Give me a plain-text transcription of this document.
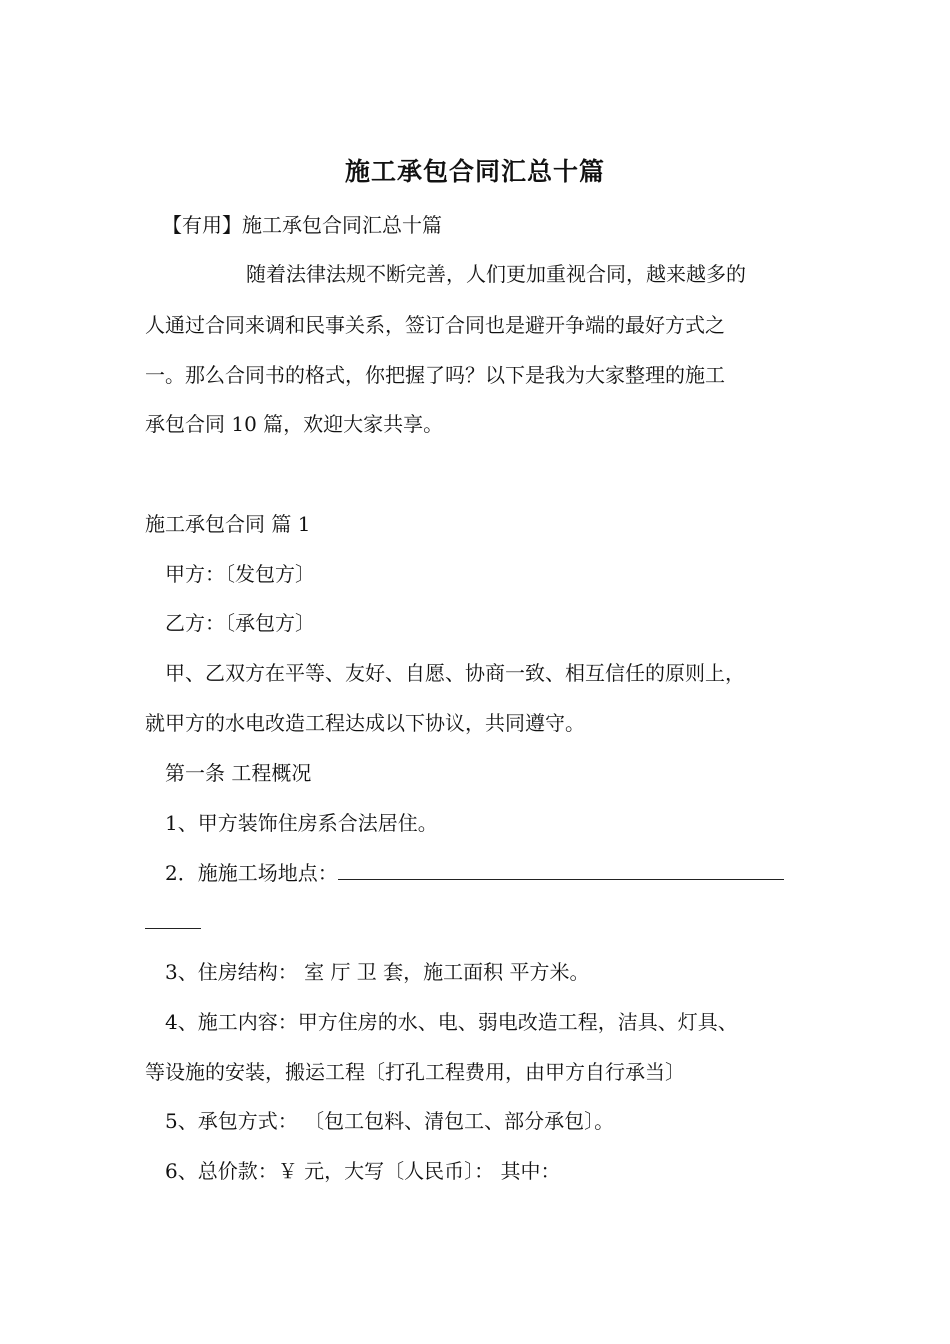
施工承包合同汇总十篇
【有用】施工承包合同汇总十篇
随着法律法规不断完善，人们更加重视合同，越来越多的
人通过合同来调和民事关系，签订合同也是避开争端的最好方式之
一。那么合同书的格式，你把握了吗？以下是我为大家整理的施工
承包合同 10 篇，欢迎大家共享。
施工承包合同 篇 1
甲方：〔发包方〕
乙方：〔承包方〕
甲、乙双方在平等、友好、自愿、协商一致、相互信任的原则上，
就甲方的水电改造工程达成以下协议，共同遵守。
第一条 工程概况
1、甲方装饰住房系合法居住。
2．施施工场地点：
3、住房结构： 室 厅 卫 套，施工面积 平方米。
4、施工内容：甲方住房的水、电、弱电改造工程，洁具、灯具、
等设施的安装，搬运工程〔打孔工程费用，由甲方自行承当〕
5、承包方式： 〔包工包料、清包工、部分承包〕。
6、总价款：￥ 元，大写〔人民币〕： 其中：
